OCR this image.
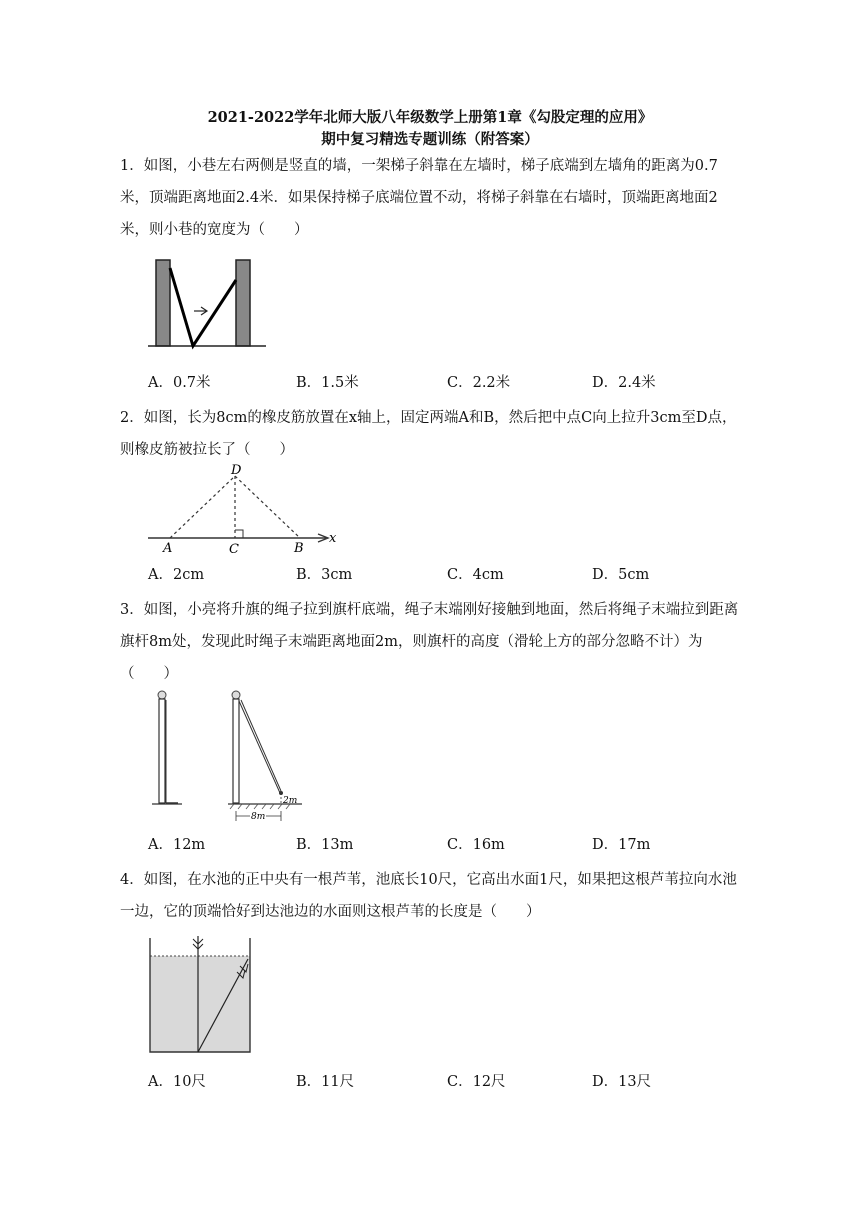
2021-2022学年北师大版八年级数学上册第1章《勾股定理的应用》
期中复习精选专题训练（附答案）
1．如图，小巷左右两侧是竖直的墙，一架梯子斜靠在左墙时，梯子底端到左墙角的距离为0.7米，顶端距离地面2.4米．如果保持梯子底端位置不动，将梯子斜靠在右墙时，顶端距离地面2米，则小巷的宽度为（　　）
A．0.7米	B．1.5米	C．2.2米	D．2.4米
2．如图，长为8cm的橡皮筋放置在x轴上，固定两端A和B，然后把中点C向上拉升3cm至D点，则橡皮筋被拉长了（　　）
D
A	C	B
x
A．2cm	B．3cm	C．4cm	D．5cm
3．如图，小亮将升旗的绳子拉到旗杆底端，绳子末端刚好接触到地面，然后将绳子末端拉到距离旗杆8m处，发现此时绳子末端距离地面2m，则旗杆的高度（滑轮上方的部分忽略不计）为（　　）
2m
8m
A．12m	B．13m	C．16m	D．17m
4．如图，在水池的正中央有一根芦苇，池底长10尺，它高出水面1尺，如果把这根芦苇拉向水池一边，它的顶端恰好到达池边的水面则这根芦苇的长度是（　　）
A．10尺	B．11尺	C．12尺	D．13尺
